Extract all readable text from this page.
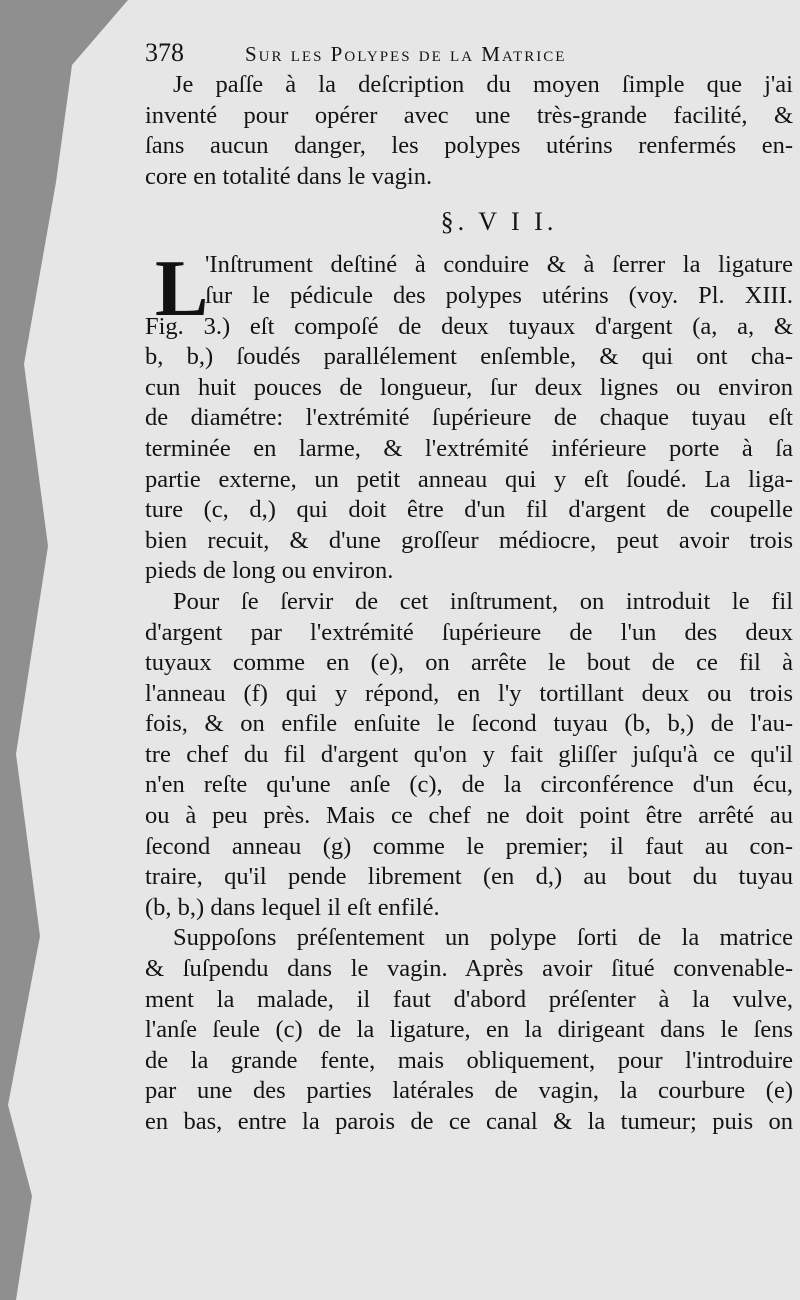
378	Sur les Polypes de la Matrice
Je paſſe à la deſcription du moyen ſimple que j'ai
inventé pour opérer avec une très-grande facilité, &
ſans aucun danger, les polypes utérins renfermés en-
core en totalité dans le vagin.
§. V I I.
L
'Inſtrument deſtiné à conduire & à ſerrer la ligature
ſur le pédicule des polypes utérins (voy. Pl. XIII.
Fig. 3.) eſt compoſé de deux tuyaux d'argent (a, a, &
b, b,) ſoudés parallélement enſemble, & qui ont cha-
cun huit pouces de longueur, ſur deux lignes ou environ
de diamétre: l'extrémité ſupérieure de chaque tuyau eſt
terminée en larme, & l'extrémité inférieure porte à ſa
partie externe, un petit anneau qui y eſt ſoudé. La liga-
ture (c, d,) qui doit être d'un fil d'argent de coupelle
bien recuit, & d'une groſſeur médiocre, peut avoir trois
pieds de long ou environ.
Pour ſe ſervir de cet inſtrument, on introduit le fil
d'argent par l'extrémité ſupérieure de l'un des deux
tuyaux comme en (e), on arrête le bout de ce fil à
l'anneau (f) qui y répond, en l'y tortillant deux ou trois
fois, & on enfile enſuite le ſecond tuyau (b, b,) de l'au-
tre chef du fil d'argent qu'on y fait gliſſer juſqu'à ce qu'il
n'en reſte qu'une anſe (c), de la circonférence d'un écu,
ou à peu près. Mais ce chef ne doit point être arrêté au
ſecond anneau (g) comme le premier; il faut au con-
traire, qu'il pende librement (en d,) au bout du tuyau
(b, b,) dans lequel il eſt enfilé.
Suppoſons préſentement un polype ſorti de la matrice
& ſuſpendu dans le vagin. Après avoir ſitué convenable-
ment la malade, il faut d'abord préſenter à la vulve,
l'anſe ſeule (c) de la ligature, en la dirigeant dans le ſens
de la grande fente, mais obliquement, pour l'introduire
par une des parties latérales de vagin, la courbure (e)
en bas, entre la parois de ce canal & la tumeur; puis on
